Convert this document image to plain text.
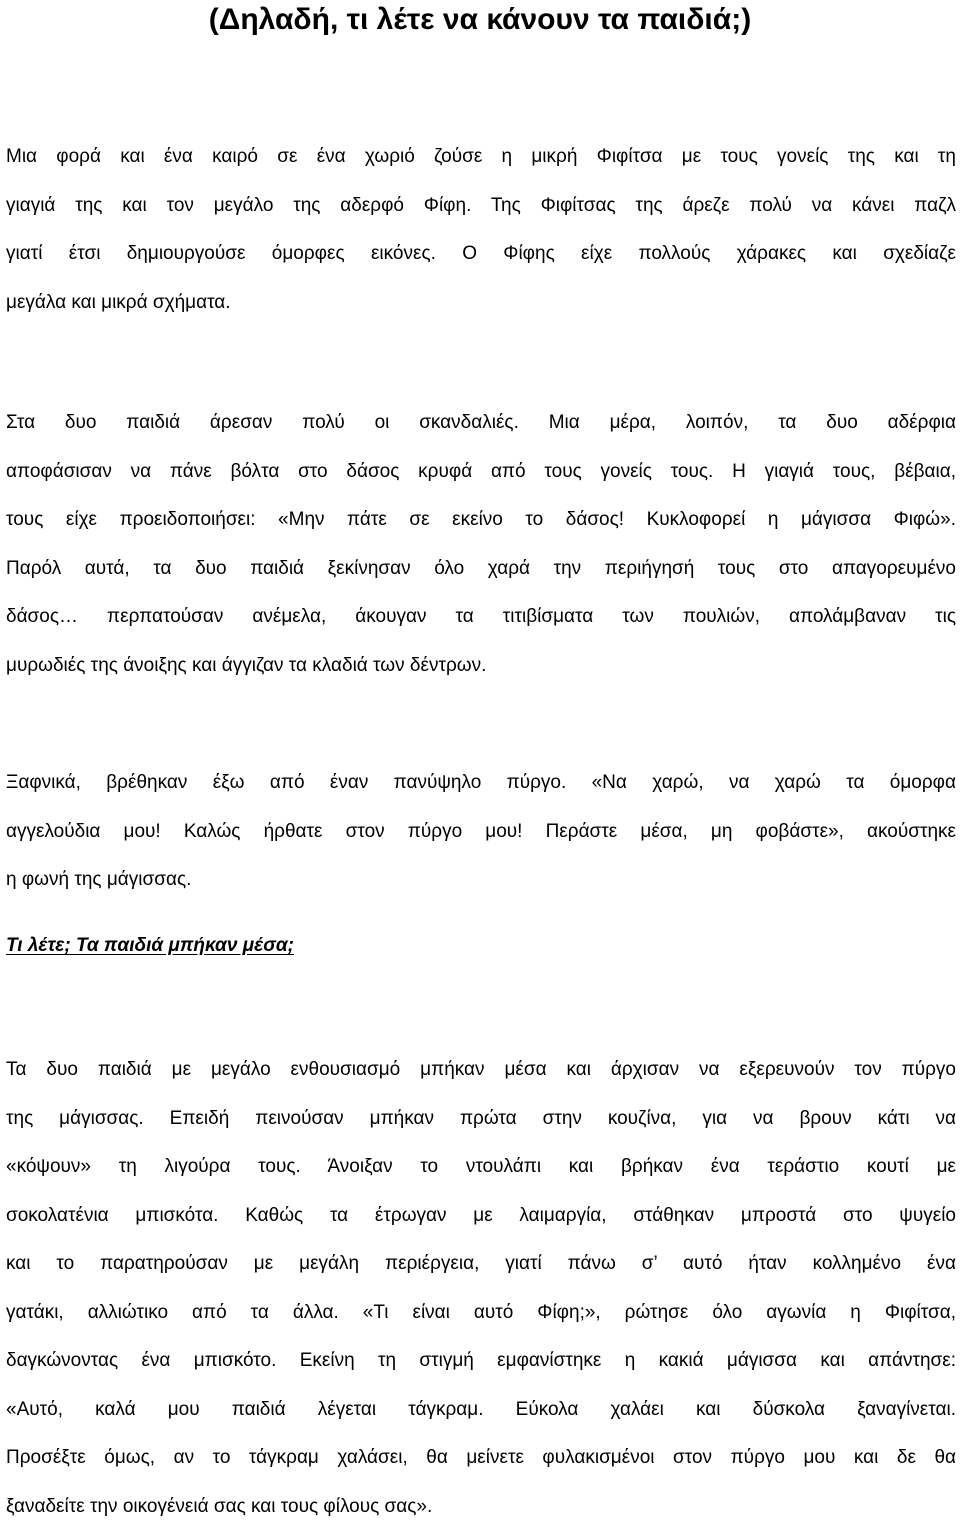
(Δηλαδή, τι λέτε να κάνουν τα παιδιά;)

Μια φορά και ένα καιρό σε ένα χωριό ζούσε η μικρή Φιφίτσα με τους γονείς της και τη
γιαγιά της και τον μεγάλο της αδερφό Φίφη. Της Φιφίτσας της άρεζε πολύ να κάνει παζλ
γιατί έτσι δημιουργούσε όμορφες εικόνες. Ο Φίφης είχε πολλούς χάρακες και σχεδίαζε
μεγάλα και μικρά σχήματα.

Στα δυο παιδιά άρεσαν πολύ οι σκανδαλιές. Μια μέρα, λοιπόν, τα δυο αδέρφια
αποφάσισαν να πάνε βόλτα στο δάσος κρυφά από τους γονείς τους. Η γιαγιά τους, βέβαια,
τους είχε προειδοποιήσει: «Μην πάτε σε εκείνο το δάσος! Κυκλοφορεί η μάγισσα Φιφώ».
Παρόλ αυτά, τα δυο παιδιά ξεκίνησαν όλο χαρά την περιήγησή τους στο απαγορευμένο
δάσος… περπατούσαν ανέμελα, άκουγαν τα τιτιβίσματα των πουλιών, απολάμβαναν τις
μυρωδιές της άνοιξης και άγγιζαν τα κλαδιά των δέντρων.

Ξαφνικά, βρέθηκαν έξω από έναν πανύψηλο πύργο. «Να χαρώ, να χαρώ τα όμορφα
αγγελούδια μου! Καλώς ήρθατε στον πύργο μου! Περάστε μέσα, μη φοβάστε», ακούστηκε
η φωνή της μάγισσας.

Τι λέτε; Τα παιδιά μπήκαν μέσα;

Τα δυο παιδιά με μεγάλο ενθουσιασμό μπήκαν μέσα και άρχισαν να εξερευνούν τον πύργο
της μάγισσας. Επειδή πεινούσαν μπήκαν πρώτα στην κουζίνα, για να βρουν κάτι να
«κόψουν» τη λιγούρα τους. Άνοιξαν το ντουλάπι και βρήκαν ένα τεράστιο κουτί με
σοκολατένια μπισκότα. Καθώς τα έτρωγαν με λαιμαργία, στάθηκαν μπροστά στο ψυγείο
και το παρατηρούσαν με μεγάλη περιέργεια, γιατί πάνω σ’ αυτό ήταν κολλημένο ένα
γατάκι, αλλιώτικο από τα άλλα. «Τι είναι αυτό Φίφη;», ρώτησε όλο αγωνία η Φιφίτσα,
δαγκώνοντας ένα μπισκότο. Εκείνη τη στιγμή εμφανίστηκε η κακιά μάγισσα και απάντησε:
«Αυτό, καλά μου παιδιά λέγεται τάγκραμ. Εύκολα χαλάει και δύσκολα ξαναγίνεται.
Προσέξτε όμως, αν το τάγκραμ χαλάσει, θα μείνετε φυλακισμένοι στον πύργο μου και δε θα
ξαναδείτε την οικογένειά σας και τους φίλους σας».
